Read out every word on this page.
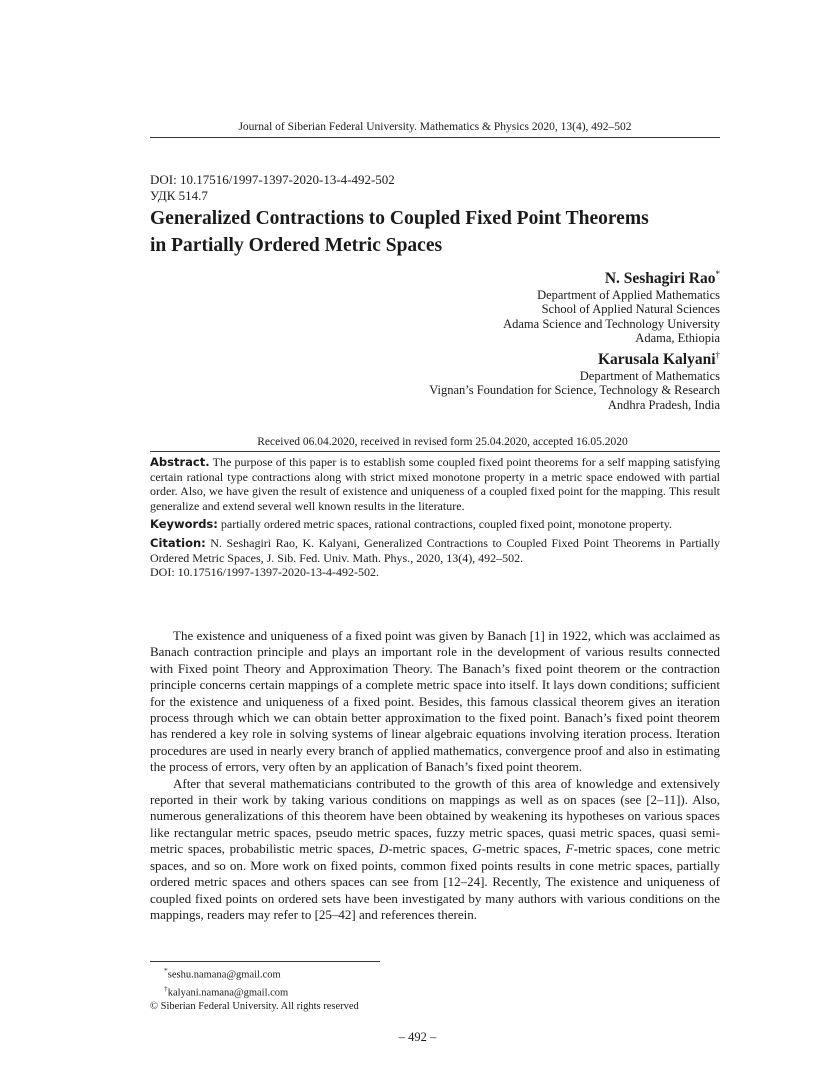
Journal of Siberian Federal University. Mathematics & Physics 2020, 13(4), 492–502
DOI: 10.17516/1997-1397-2020-13-4-492-502
УДК 514.7
Generalized Contractions to Coupled Fixed Point Theorems
in Partially Ordered Metric Spaces
N. Seshagiri Rao*
Department of Applied Mathematics
School of Applied Natural Sciences
Adama Science and Technology University
Adama, Ethiopia
Karusala Kalyani†
Department of Mathematics
Vignan’s Foundation for Science, Technology & Research
Andhra Pradesh, India
Received 06.04.2020, received in revised form 25.04.2020, accepted 16.05.2020

Abstract. The purpose of this paper is to establish some coupled fixed point theorems for a self mapping satisfying certain rational type contractions along with strict mixed monotone property in a metric space endowed with partial order. Also, we have given the result of existence and uniqueness of a coupled fixed point for the mapping. This result generalize and extend several well known results in the literature.

Keywords: partially ordered metric spaces, rational contractions, coupled fixed point, monotone property.

Citation: N. Seshagiri Rao, K. Kalyani, Generalized Contractions to Coupled Fixed Point Theorems in Partially Ordered Metric Spaces, J. Sib. Fed. Univ. Math. Phys., 2020, 13(4), 492–502.
DOI: 10.17516/1997-1397-2020-13-4-492-502.

The existence and uniqueness of a fixed point was given by Banach [1] in 1922, which was acclaimed as Banach contraction principle and plays an important role in the development of various results connected with Fixed point Theory and Approximation Theory. The Banach’s fixed point theorem or the contraction principle concerns certain mappings of a complete metric space into itself. It lays down conditions; sufficient for the existence and uniqueness of a fixed point. Besides, this famous classical theorem gives an iteration process through which we can obtain better approximation to the fixed point. Banach’s fixed point theorem has rendered a key role in solving systems of linear algebraic equations involving iteration process. Iteration procedures are used in nearly every branch of applied mathematics, convergence proof and also in estimating the process of errors, very often by an application of Banach’s fixed point theorem.

After that several mathematicians contributed to the growth of this area of knowledge and extensively reported in their work by taking various conditions on mappings as well as on spaces (see [2–11]). Also, numerous generalizations of this theorem have been obtained by weakening its hypotheses on various spaces like rectangular metric spaces, pseudo metric spaces, fuzzy metric spaces, quasi metric spaces, quasi semi-metric spaces, probabilistic metric spaces, D-metric spaces, G-metric spaces, F-metric spaces, cone metric spaces, and so on. More work on fixed points, common fixed points results in cone metric spaces, partially ordered metric spaces and others spaces can see from [12–24]. Recently, The existence and uniqueness of coupled fixed points on ordered sets have been investigated by many authors with various conditions on the mappings, readers may refer to [25–42] and references therein.

*seshu.namana@gmail.com
†kalyani.namana@gmail.com
© Siberian Federal University. All rights reserved
– 492 –
